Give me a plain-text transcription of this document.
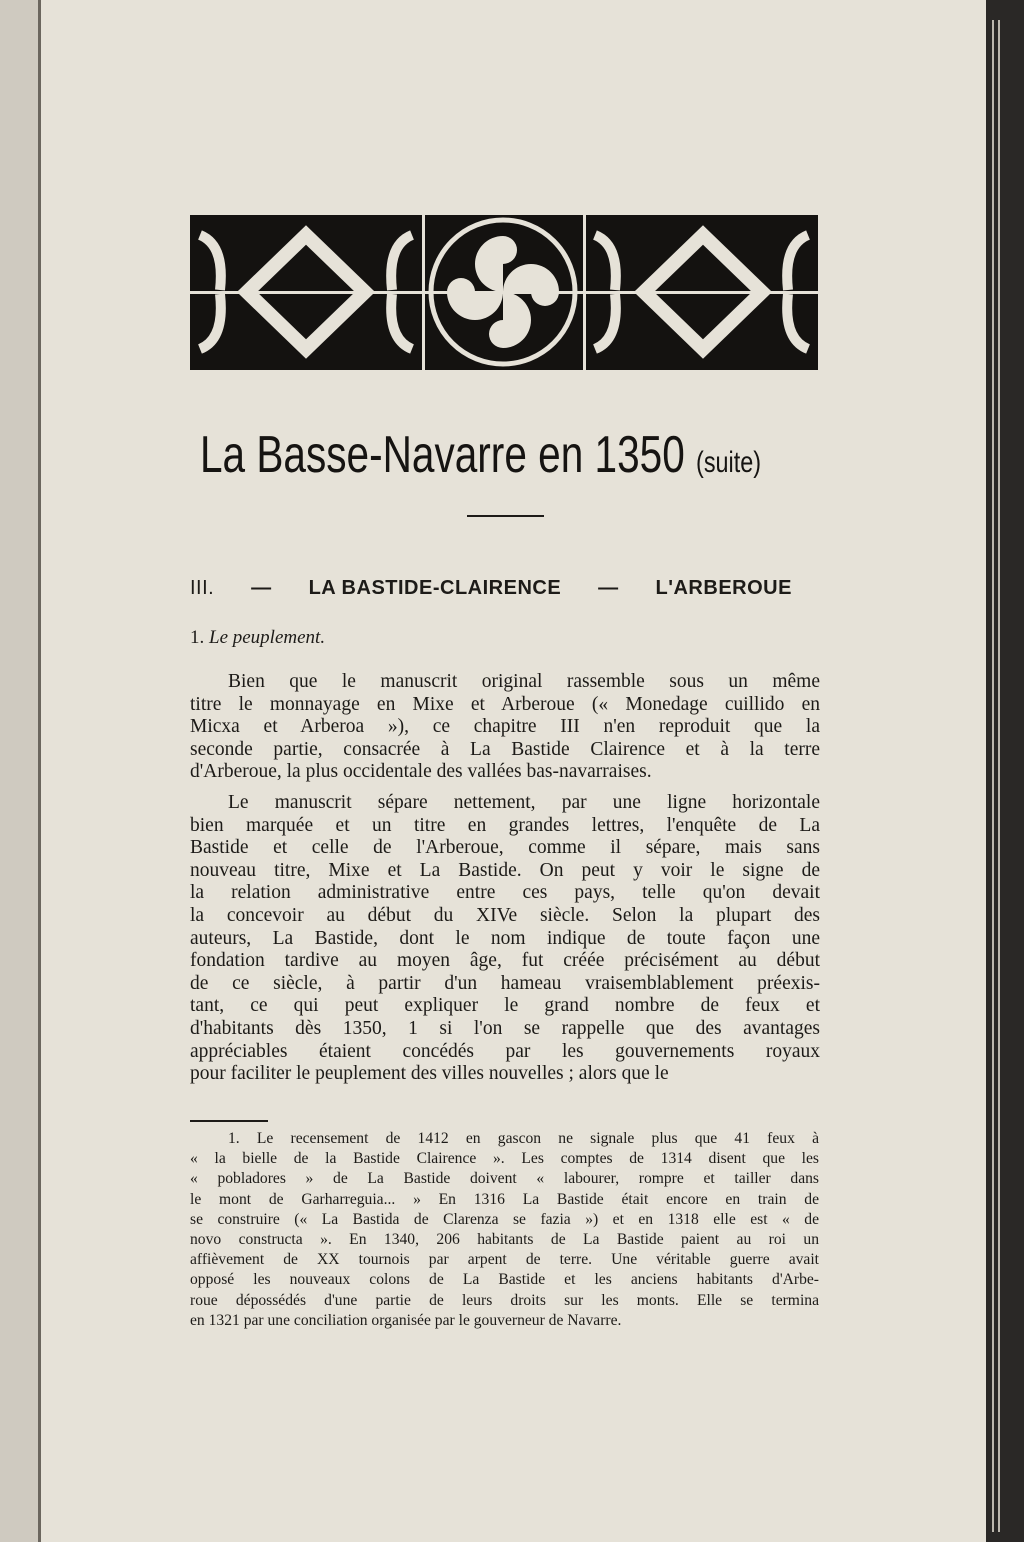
La Basse-Navarre en 1350 (suite)
III. — LA BASTIDE-CLAIRENCE — L'ARBEROUE
1. Le peuplement.
Bien que le manuscrit original rassemble sous un même
titre le monnayage en Mixe et Arberoue (« Monedage cuillido en
Micxa et Arberoa »), ce chapitre III n'en reproduit que la
seconde partie, consacrée à La Bastide Clairence et à la terre
d'Arberoue, la plus occidentale des vallées bas-navarraises.
Le manuscrit sépare nettement, par une ligne horizontale
bien marquée et un titre en grandes lettres, l'enquête de La
Bastide et celle de l'Arberoue, comme il sépare, mais sans
nouveau titre, Mixe et La Bastide. On peut y voir le signe de
la relation administrative entre ces pays, telle qu'on devait
la concevoir au début du XIVe siècle. Selon la plupart des
auteurs, La Bastide, dont le nom indique de toute façon une
fondation tardive au moyen âge, fut créée précisément au début
de ce siècle, à partir d'un hameau vraisemblablement préexis-
tant, ce qui peut expliquer le grand nombre de feux et
d'habitants dès 1350, 1 si l'on se rappelle que des avantages
appréciables étaient concédés par les gouvernements royaux
pour faciliter le peuplement des villes nouvelles ; alors que le
1. Le recensement de 1412 en gascon ne signale plus que 41 feux à
« la bielle de la Bastide Clairence ». Les comptes de 1314 disent que les
« pobladores » de La Bastide doivent « labourer, rompre et tailler dans
le mont de Garharreguia... » En 1316 La Bastide était encore en train de
se construire (« La Bastida de Clarenza se fazia ») et en 1318 elle est « de
novo constructa ». En 1340, 206 habitants de La Bastide paient au roi un
affièvement de XX tournois par arpent de terre. Une véritable guerre avait
opposé les nouveaux colons de La Bastide et les anciens habitants d'Arbe-
roue dépossédés d'une partie de leurs droits sur les monts. Elle se termina
en 1321 par une conciliation organisée par le gouverneur de Navarre.
